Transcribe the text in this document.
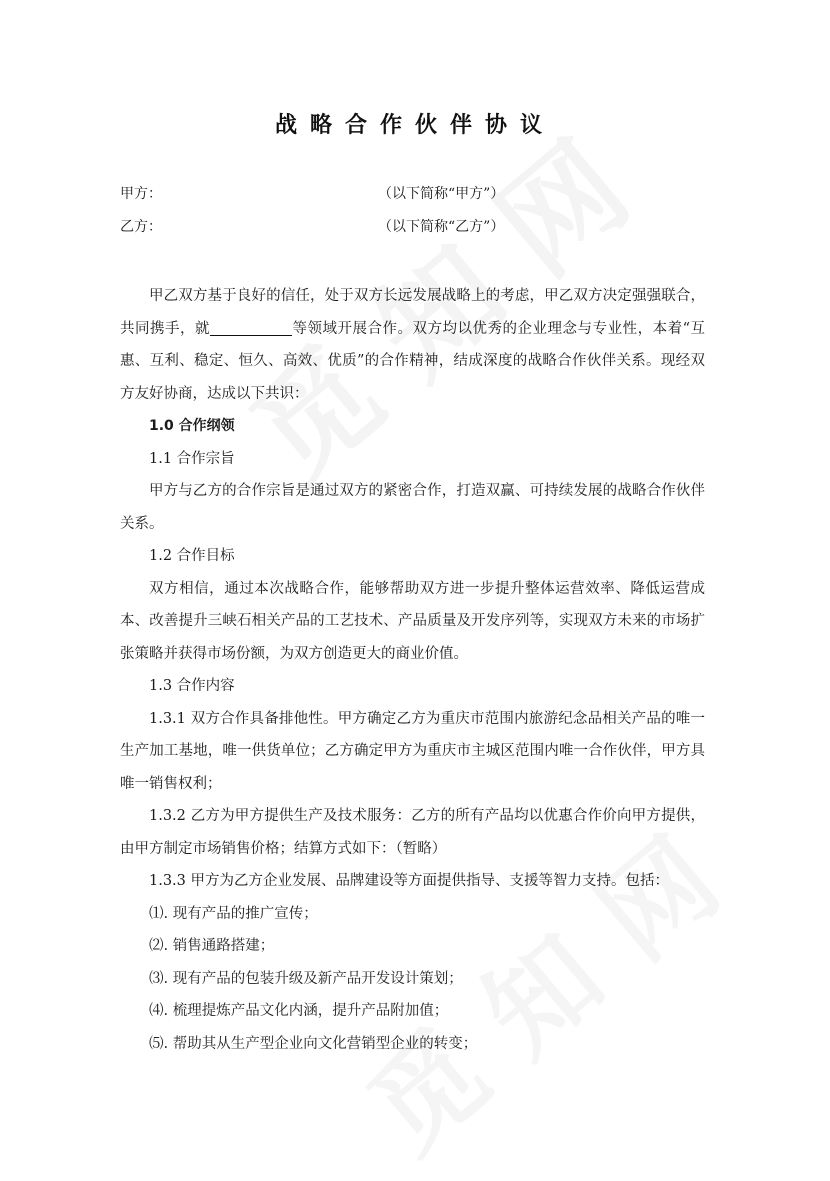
战略合作伙伴协议
甲方：	（以下简称“甲方”）
乙方：	（以下简称“乙方”）

甲乙双方基于良好的信任，处于双方长远发展战略上的考虑，甲乙双方决定强强联合，共同携手，就	等领域开展合作。双方均以优秀的企业理念与专业性，本着“互惠、互利、稳定、恒久、高效、优质”的合作精神，结成深度的战略合作伙伴关系。现经双方友好协商，达成以下共识：

1.0 合作纲领

1.1 合作宗旨

甲方与乙方的合作宗旨是通过双方的紧密合作，打造双赢、可持续发展的战略合作伙伴关系。

1.2 合作目标

双方相信，通过本次战略合作，能够帮助双方进一步提升整体运营效率、降低运营成本、改善提升三峡石相关产品的工艺技术、产品质量及开发序列等，实现双方未来的市场扩张策略并获得市场份额，为双方创造更大的商业价值。

1.3 合作内容

1.3.1 双方合作具备排他性。甲方确定乙方为重庆市范围内旅游纪念品相关产品的唯一生产加工基地，唯一供货单位；乙方确定甲方为重庆市主城区范围内唯一合作伙伴，甲方具唯一销售权利；

1.3.2 乙方为甲方提供生产及技术服务：乙方的所有产品均以优惠合作价向甲方提供，由甲方制定市场销售价格；结算方式如下：（暂略）

1.3.3 甲方为乙方企业发展、品牌建设等方面提供指导、支援等智力支持。包括：

⑴. 现有产品的推广宣传；

⑵. 销售通路搭建；

⑶. 现有产品的包装升级及新产品开发设计策划；

⑷. 梳理提炼产品文化内涵，提升产品附加值；

⑸. 帮助其从生产型企业向文化营销型企业的转变；
